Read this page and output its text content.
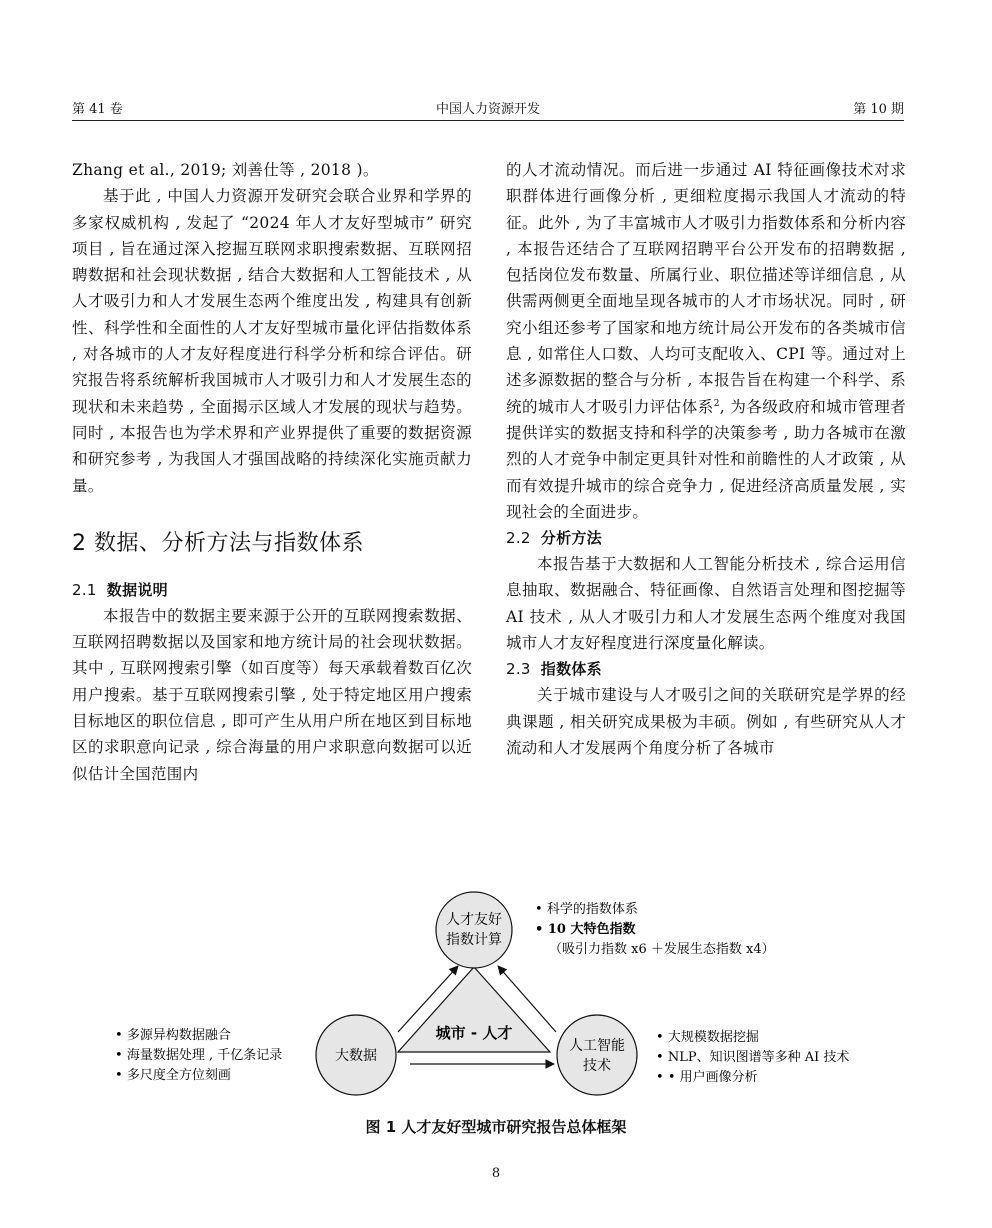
第 41 卷	中国人力资源开发	第 10 期

Zhang et al., 2019; 刘善仕等 , 2018 )。

基于此 , 中国人力资源开发研究会联合业界和学界的多家权威机构 , 发起了 “2024 年人才友好型城市” 研究项目 , 旨在通过深入挖掘互联网求职搜索数据、互联网招聘数据和社会现状数据 , 结合大数据和人工智能技术 , 从人才吸引力和人才发展生态两个维度出发 , 构建具有创新性、科学性和全面性的人才友好型城市量化评估指数体系 , 对各城市的人才友好程度进行科学分析和综合评估。研究报告将系统解析我国城市人才吸引力和人才发展生态的现状和未来趋势 , 全面揭示区域人才发展的现状与趋势。同时 , 本报告也为学术界和产业界提供了重要的数据资源和研究参考 , 为我国人才强国战略的持续深化实施贡献力量。

2 数据、分析方法与指数体系
2.1 数据说明

本报告中的数据主要来源于公开的互联网搜索数据、互联网招聘数据以及国家和地方统计局的社会现状数据。其中 , 互联网搜索引擎（如百度等）每天承载着数百亿次用户搜索。基于互联网搜索引擎 , 处于特定地区用户搜索目标地区的职位信息 , 即可产生从用户所在地区到目标地区的求职意向记录 , 综合海量的用户求职意向数据可以近似估计全国范围内

的人才流动情况。而后进一步通过 AI 特征画像技术对求职群体进行画像分析 , 更细粒度揭示我国人才流动的特征。此外 , 为了丰富城市人才吸引力指数体系和分析内容 , 本报告还结合了互联网招聘平台公开发布的招聘数据 , 包括岗位发布数量、所属行业、职位描述等详细信息 , 从供需两侧更全面地呈现各城市的人才市场状况。同时 , 研究小组还参考了国家和地方统计局公开发布的各类城市信息 , 如常住人口数、人均可支配收入、CPI 等。通过对上述多源数据的整合与分析 , 本报告旨在构建一个科学、系统的城市人才吸引力评估体系$^2$, 为各级政府和城市管理者提供详实的数据支持和科学的决策参考 , 助力各城市在激烈的人才竞争中制定更具针对性和前瞻性的人才政策 , 从而有效提升城市的综合竞争力 , 促进经济高质量发展 , 实现社会的全面进步。

2.2 分析方法

本报告基于大数据和人工智能分析技术 , 综合运用信息抽取、数据融合、特征画像、自然语言处理和图挖掘等 AI 技术 , 从人才吸引力和人才发展生态两个维度对我国城市人才友好程度进行深度量化解读。

2.3 指数体系

关于城市建设与人才吸引之间的关联研究是学界的经典课题 , 相关研究成果极为丰硕。例如 , 有些研究从人才流动和人才发展两个角度分析了各城市

城市 - 人才
人才友好
指数计算
大数据
人工智能
技术
• 科学的指数体系
• 10 大特色指数
（吸引力指数 x6 ＋发展生态指数 x4）
• 多源异构数据融合
• 海量数据处理 , 千亿条记录
• 多尺度全方位刻画
• 大规模数据挖掘
• NLP、知识图谱等多种 AI 技术
• • 用户画像分析
图 1 人才友好型城市研究报告总体框架
8
